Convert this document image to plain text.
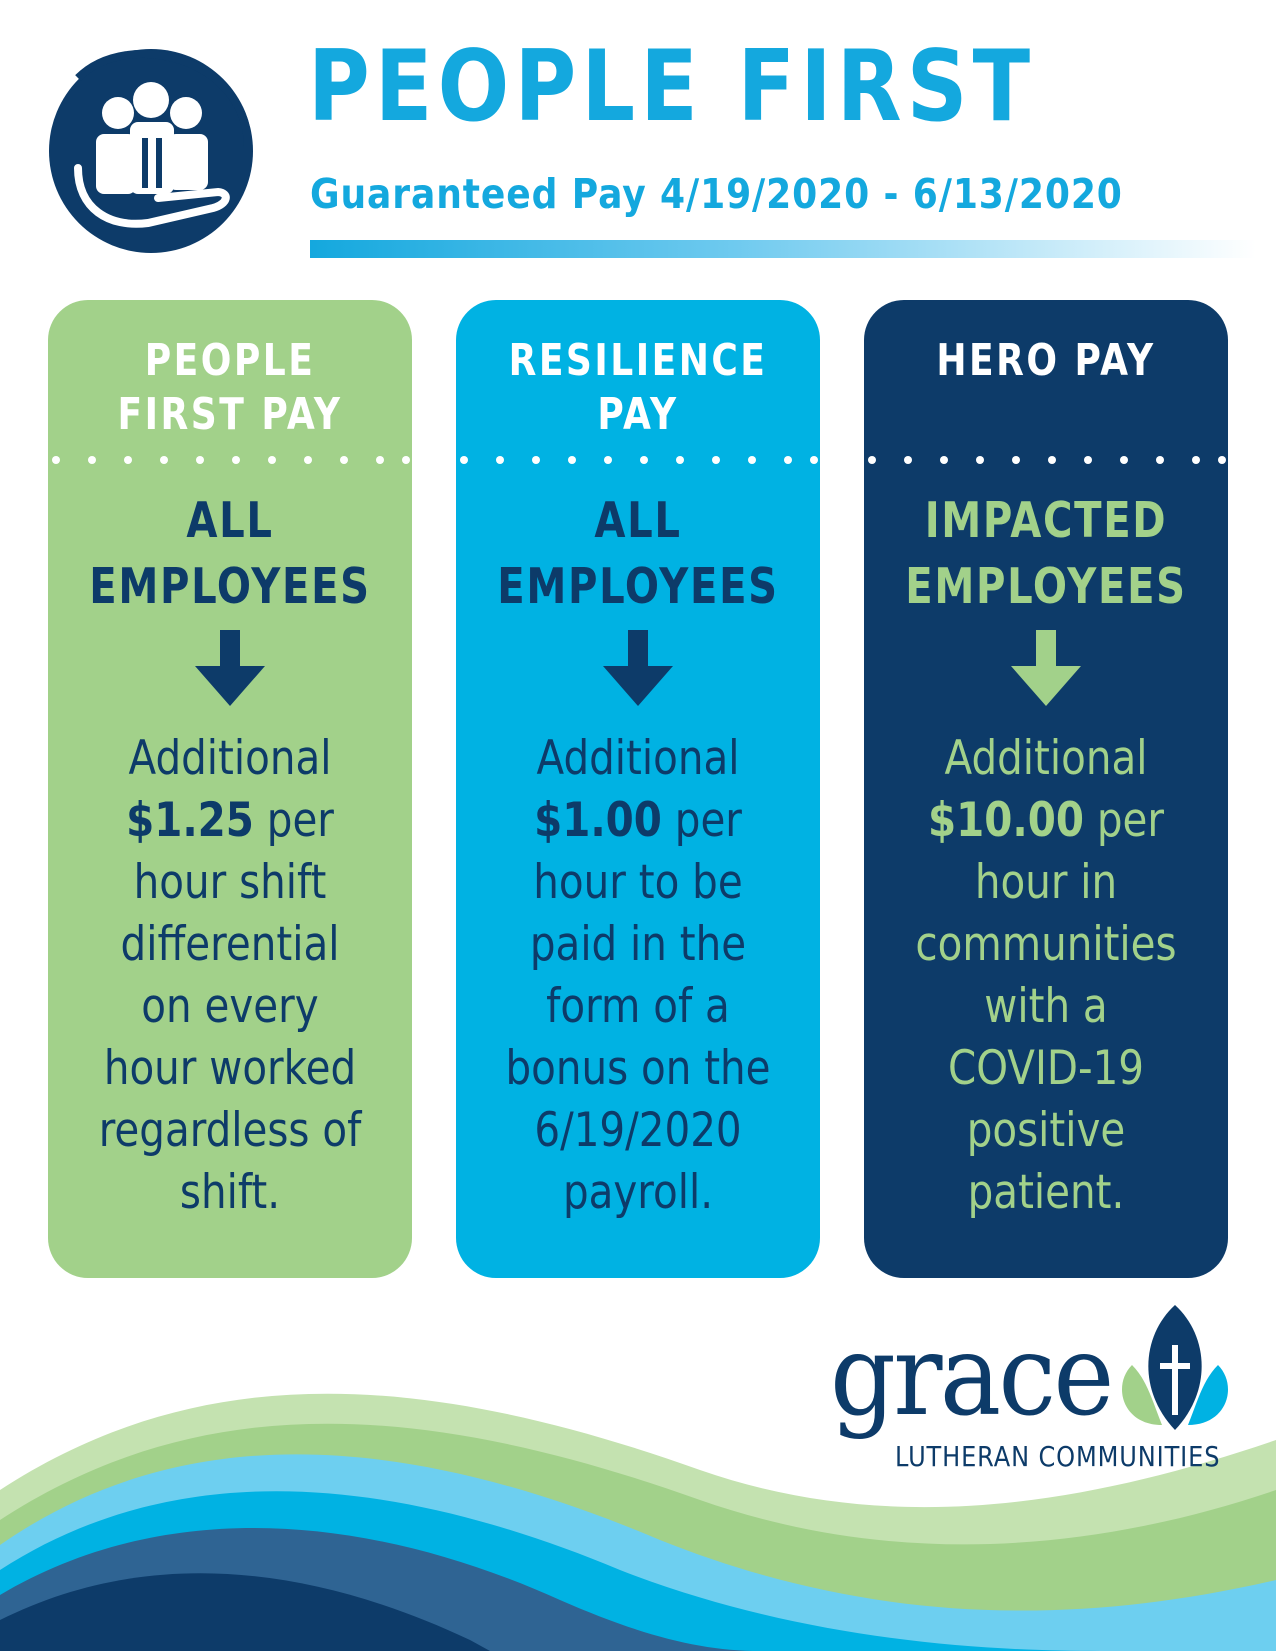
PEOPLE FIRST
Guaranteed Pay 4/19/2020 - 6/13/2020
PEOPLE
FIRST PAY
ALL
EMPLOYEES
Additional
$1.25 per
hour shift
differential
on every
hour worked
regardless of
shift.
RESILIENCE
PAY
ALL
EMPLOYEES
Additional
$1.00 per
hour to be
paid in the
form of a
bonus on the
6/19/2020
payroll.
HERO PAY
IMPACTED
EMPLOYEES
Additional
$10.00 per
hour in
communities
with a
COVID-19
positive
patient.
grace
LUTHERAN COMMUNITIES
